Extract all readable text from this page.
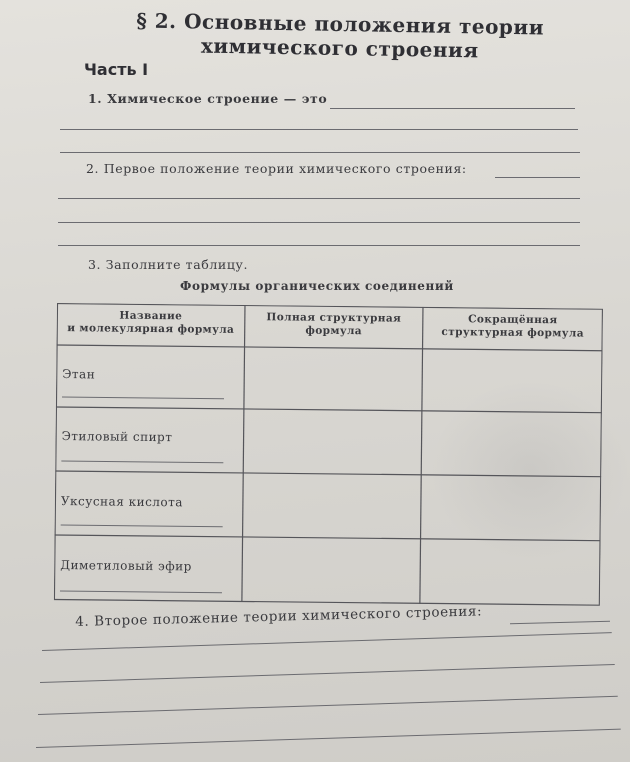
§ 2. Основные положения теории
химического строения
Часть I
1. Химическое строение — это
2. Первое положение теории химического строения:
3. Заполните таблицу.
Формулы органических соединений
Название
и молекулярная формула
Полная структурная
формула
Сокращённая
структурная формула
Этан
Этиловый спирт
Уксусная кислота
Диметиловый эфир
4. Второе положение теории химического строения:
